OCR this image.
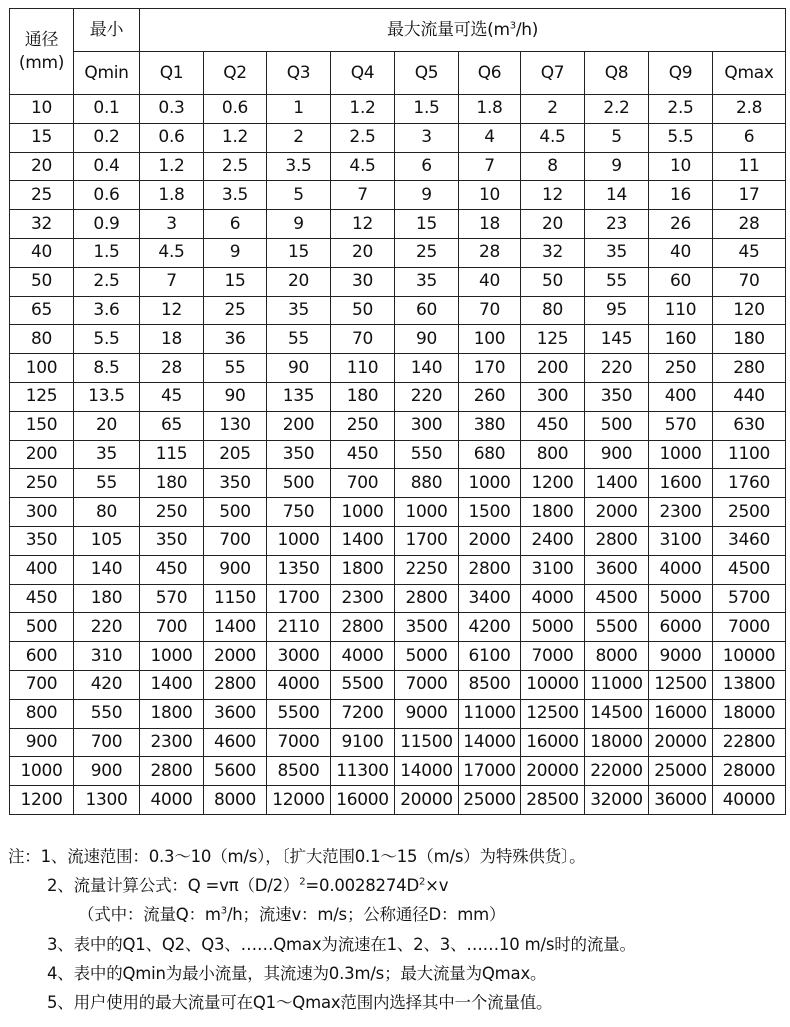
通径
(mm)	最小	最大流量可选$(m^3/h)$									
	Qmin	Q1	Q2	Q3	Q4	Q5	Q6	Q7	Q8	Q9	Qmax
10	0.1	0.3	0.6	1	1.2	1.5	1.8	2	2.2	2.5	2.8
15	0.2	0.6	1.2	2	2.5	3	4	4.5	5	5.5	6
20	0.4	1.2	2.5	3.5	4.5	6	7	8	9	10	11
25	0.6	1.8	3.5	5	7	9	10	12	14	16	17
32	0.9	3	6	9	12	15	18	20	23	26	28
40	1.5	4.5	9	15	20	25	28	32	35	40	45
50	2.5	7	15	20	30	35	40	50	55	60	70
65	3.6	12	25	35	50	60	70	80	95	110	120
80	5.5	18	36	55	70	90	100	125	145	160	180
100	8.5	28	55	90	110	140	170	200	220	250	280
125	13.5	45	90	135	180	220	260	300	350	400	440
150	20	65	130	200	250	300	380	450	500	570	630
200	35	115	205	350	450	550	680	800	900	1000	1100
250	55	180	350	500	700	880	1000	1200	1400	1600	1760
300	80	250	500	750	1000	1000	1500	1800	2000	2300	2500
350	105	350	700	1000	1400	1700	2000	2400	2800	3100	3460
400	140	450	900	1350	1800	2250	2800	3100	3600	4000	4500
450	180	570	1150	1700	2300	2800	3400	4000	4500	5000	5700
500	220	700	1400	2110	2800	3500	4200	5000	5500	6000	7000
600	310	1000	2000	3000	4000	5000	6100	7000	8000	9000	10000
700	420	1400	2800	4000	5500	7000	8500	10000	11000	12500	13800
800	550	1800	3600	5500	7200	9000	11000	12500	14500	16000	18000
900	700	2300	4600	7000	9100	11500	14000	16000	18000	20000	22800
1000	900	2800	5600	8500	11300	14000	17000	20000	22000	25000	28000
1200	1300	4000	8000	12000	16000	20000	25000	28500	32000	36000	40000
注：1、流速范围：0.3～10（m/s），〔扩大范围0.1～15（m/s）为特殊供货〕。
2、流量计算公式：$Q =v\pi(D/2)^2=0.0028274D^2\times v$
（式中：流量Q：$m^3/h$；流速v：m/s；公称通径D：mm）
3、表中的Q1、Q2、Q3、……Qmax为流速在1、2、3、……10 m/s时的流量。
4、表中的Qmin为最小流量，其流速为0.3m/s；最大流量为Qmax。
5、用户使用的最大流量可在Q1～Qmax范围内选择其中一个流量值。
